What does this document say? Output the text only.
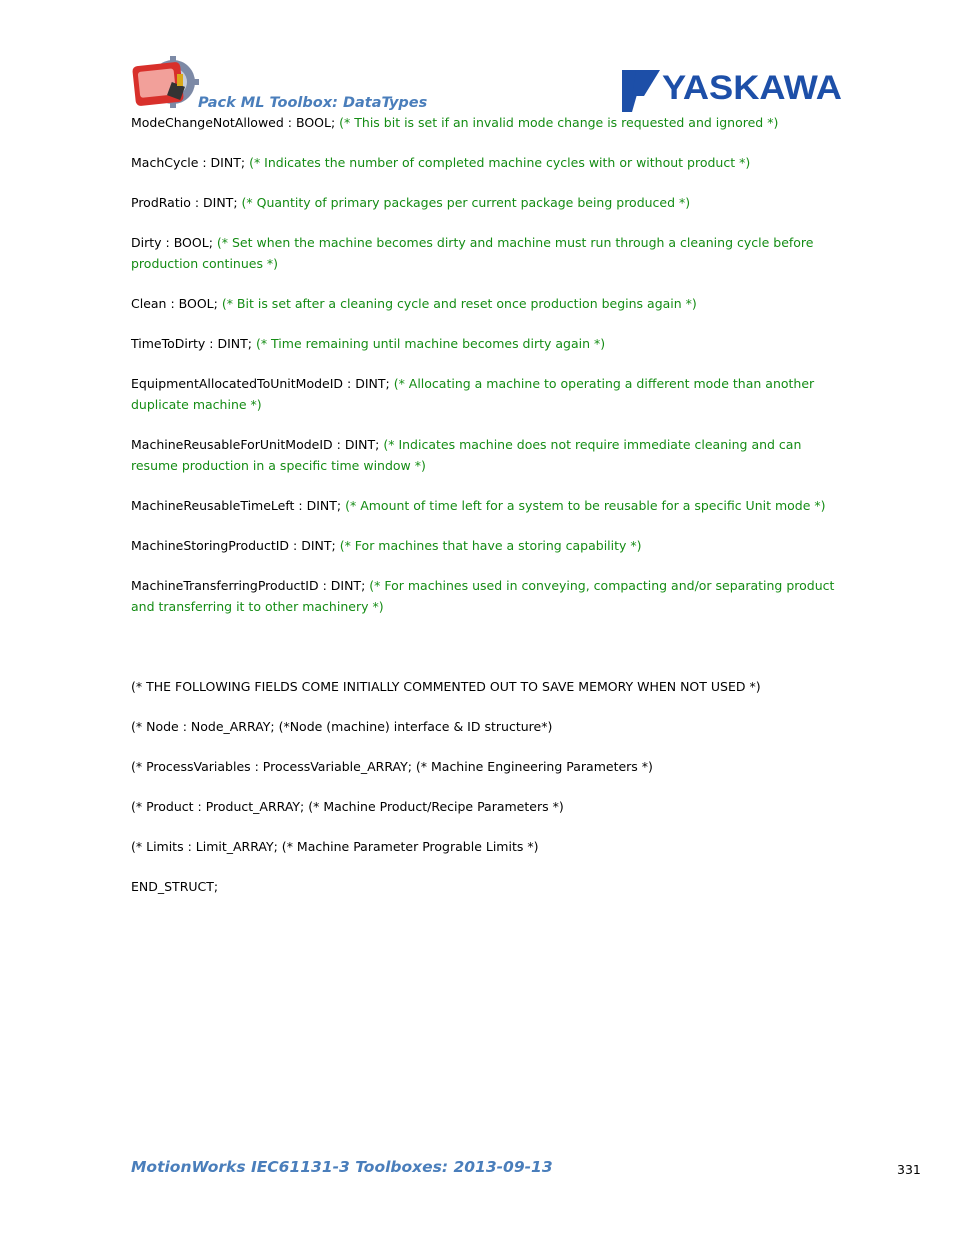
Pack ML Toolbox: DataTypes	YASKAWA
ModeChangeNotAllowed : BOOL; (* This bit is set if an invalid mode change is requested and ignored *)
MachCycle : DINT; (* Indicates the number of completed machine cycles with or without product *)
ProdRatio : DINT; (* Quantity of primary packages per current package being produced *)
Dirty : BOOL; (* Set when the machine becomes dirty and machine must run through a cleaning cycle before production continues *)
Clean : BOOL; (* Bit is set after a cleaning cycle and reset once production begins again *)
TimeToDirty : DINT; (* Time remaining until machine becomes dirty again *)
EquipmentAllocatedToUnitModeID : DINT; (* Allocating a machine to operating a different mode than another duplicate machine *)
MachineReusableForUnitModeID : DINT; (* Indicates machine does not require immediate cleaning and can resume production in a specific time window *)
MachineReusableTimeLeft : DINT; (* Amount of time left for a system to be reusable for a specific Unit mode *)
MachineStoringProductID : DINT; (* For machines that have a storing capability *)
MachineTransferringProductID : DINT; (* For machines used in conveying, compacting and/or separating product and transferring it to other machinery *)
(* THE FOLLOWING FIELDS COME INITIALLY COMMENTED OUT TO SAVE MEMORY WHEN NOT USED *)
(* Node : Node_ARRAY; (*Node (machine) interface & ID structure*)
(* ProcessVariables : ProcessVariable_ARRAY; (* Machine Engineering Parameters *)
(* Product : Product_ARRAY; (* Machine Product/Recipe Parameters *)
(* Limits : Limit_ARRAY; (* Machine Parameter Prograble Limits *)
END_STRUCT;
MotionWorks IEC61131-3 Toolboxes: 2013-09-13	331
